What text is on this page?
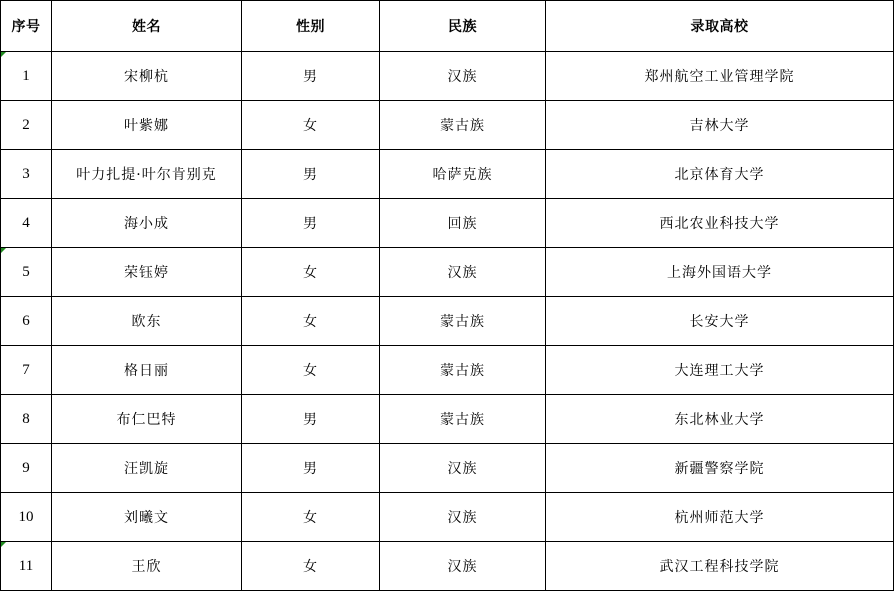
序号	姓名	性别	民族	录取高校
1	宋柳杭	男	汉族	郑州航空工业管理学院
2	叶紫娜	女	蒙古族	吉林大学
3	叶力扎提·叶尔肯别克	男	哈萨克族	北京体育大学
4	海小成	男	回族	西北农业科技大学
5	荣钰婷	女	汉族	上海外国语大学
6	欧东	女	蒙古族	长安大学
7	格日丽	女	蒙古族	大连理工大学
8	布仁巴特	男	蒙古族	东北林业大学
9	汪凯旋	男	汉族	新疆警察学院
10	刘曦文	女	汉族	杭州师范大学
11	王欣	女	汉族	武汉工程科技学院
